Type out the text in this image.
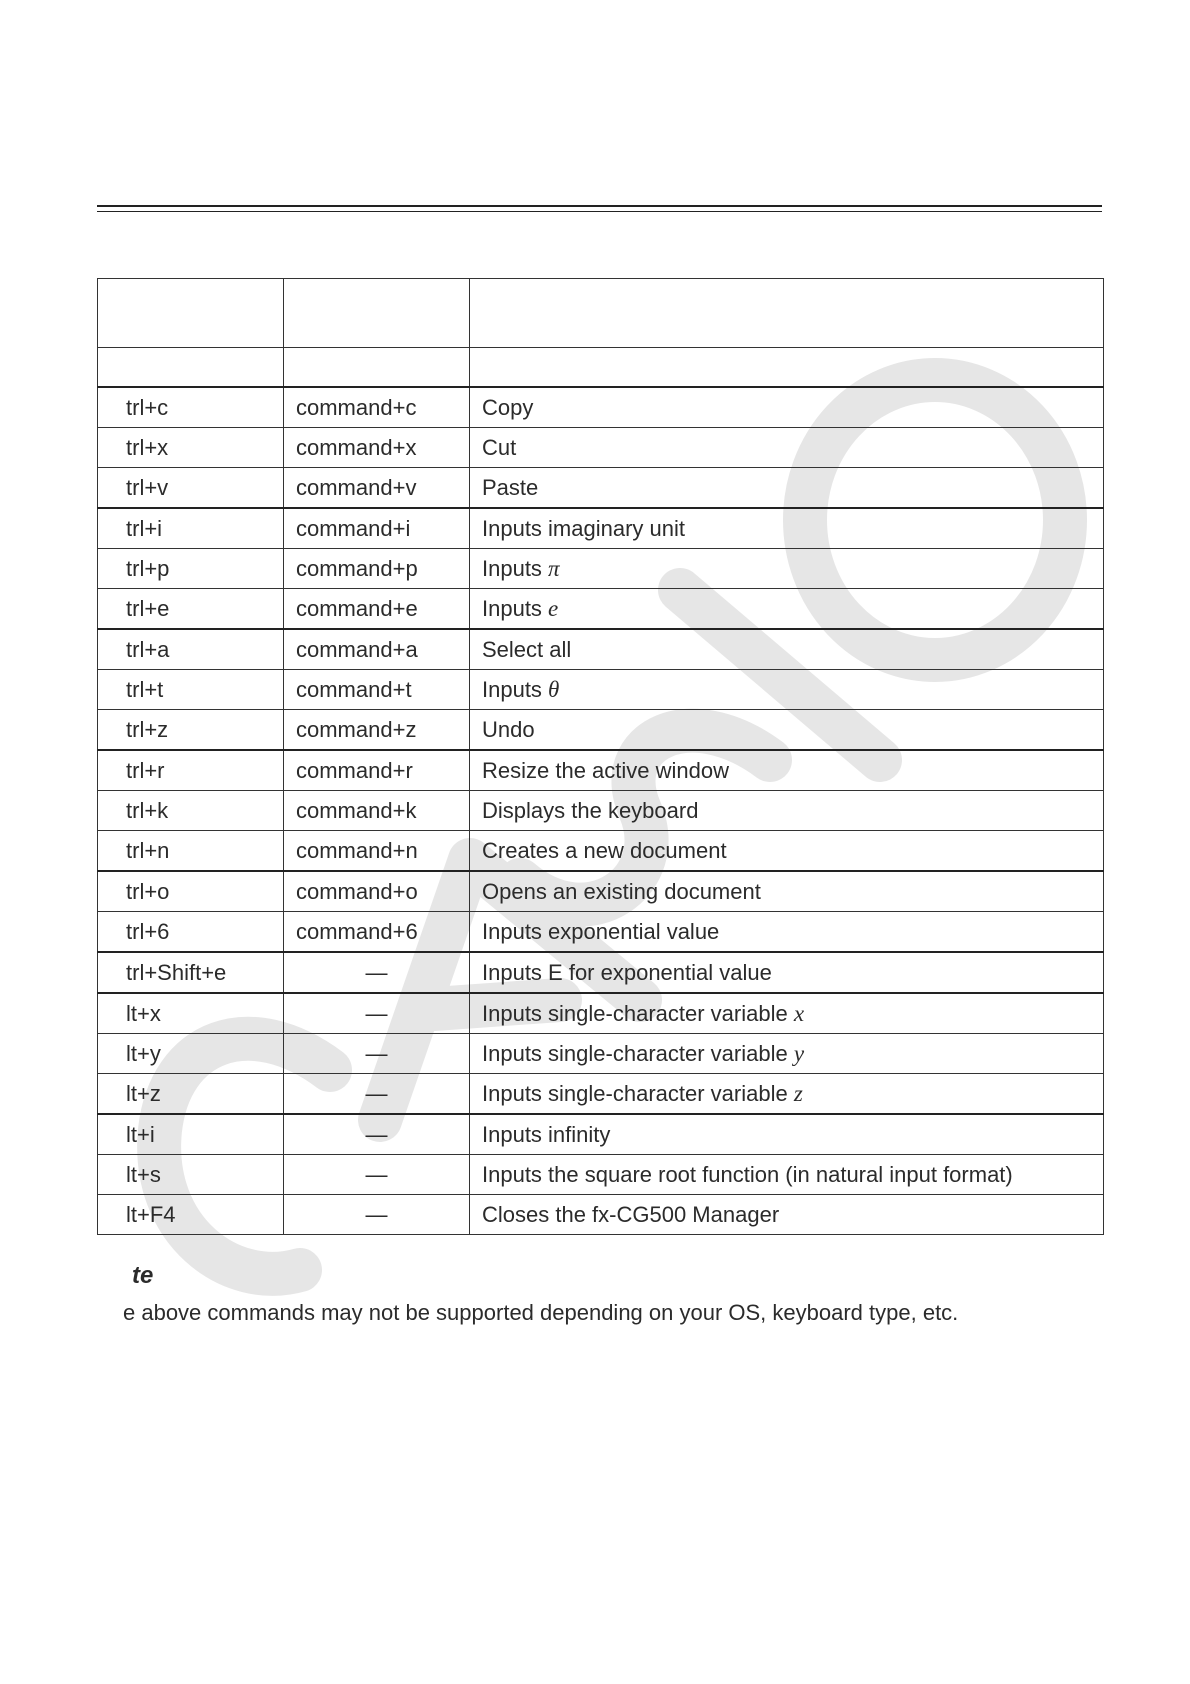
trl+c	command+c	Copy
trl+x	command+x	Cut
trl+v	command+v	Paste
trl+i	command+i	Inputs imaginary unit
trl+p	command+p	Inputs π
trl+e	command+e	Inputs e
trl+a	command+a	Select all
trl+t	command+t	Inputs θ
trl+z	command+z	Undo
trl+r	command+r	Resize the active window
trl+k	command+k	Displays the keyboard
trl+n	command+n	Creates a new document
trl+o	command+o	Opens an existing document
trl+6	command+6	Inputs exponential value
trl+Shift+e	—	Inputs E for exponential value
lt+x	—	Inputs single-character variable x
lt+y	—	Inputs single-character variable y
lt+z	—	Inputs single-character variable z
lt+i	—	Inputs infinity
lt+s	—	Inputs the square root function (in natural input format)
lt+F4	—	Closes the fx-CG500 Manager
te
e above commands may not be supported depending on your OS, keyboard type, etc.
